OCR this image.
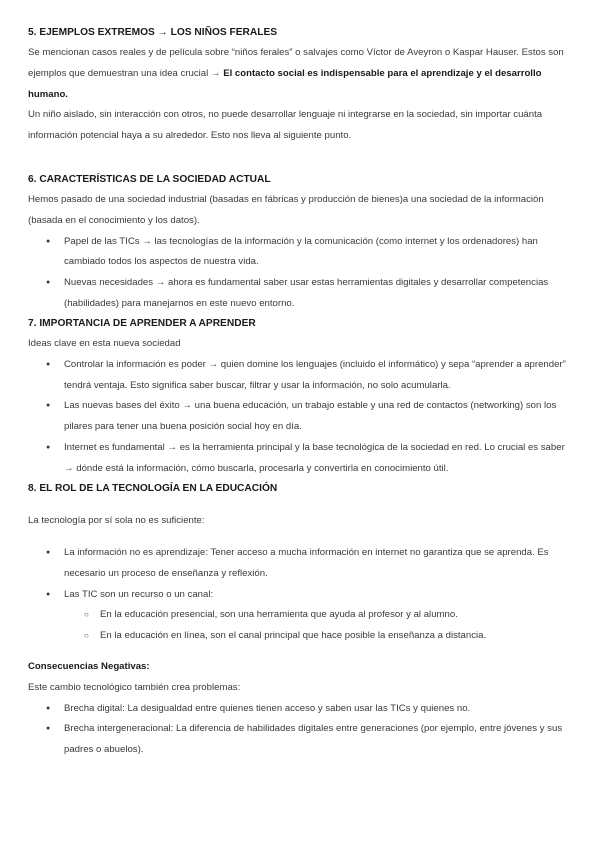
5. EJEMPLOS EXTREMOS → LOS NIÑOS FERALES

Se mencionan casos reales y de película sobre “niños ferales” o salvajes como Víctor de Aveyron o Kaspar Hauser. Estos son ejemplos que demuestran una idea crucial → El contacto social es indispensable para el aprendizaje y el desarrollo humano.

Un niño aislado, sin interacción con otros, no puede desarrollar lenguaje ni integrarse en la sociedad, sin importar cuánta información potencial haya a su alrededor. Esto nos lleva al siguiente punto.

6. CARACTERÍSTICAS DE LA SOCIEDAD ACTUAL

Hemos pasado de una sociedad industrial (basadas en fábricas y producción de bienes)a una sociedad de la información (basada en el conocimiento y los datos).

● Papel de las TICs → las tecnologías de la información y la comunicación (como internet y los ordenadores) han cambiado todos los aspectos de nuestra vida.
● Nuevas necesidades → ahora es fundamental saber usar estas herramientas digitales y desarrollar competencias (habilidades) para manejarnos en este nuevo entorno.
7. IMPORTANCIA DE APRENDER A APRENDER

Ideas clave en esta nueva sociedad

● Controlar la información es poder → quien domine los lenguajes (incluido el informático) y sepa “aprender a aprender” tendrá ventaja. Esto significa saber buscar, filtrar y usar la información, no solo acumularla.
● Las nuevas bases del éxito → una buena educación, un trabajo estable y una red de contactos (networking) son los pilares para tener una buena posición social hoy en día.
● Internet es fundamental → es la herramienta principal y la base tecnológica de la sociedad en red. Lo crucial es saber → dónde está la información, cómo buscarla, procesarla y convertirla en conocimiento útil.
8. EL ROL DE LA TECNOLOGÍA EN LA EDUCACIÓN

La tecnología por sí sola no es suficiente:

● La información no es aprendizaje: Tener acceso a mucha información en internet no garantiza que se aprenda. Es necesario un proceso de enseñanza y reflexión.
● Las TIC son un recurso o un canal:
○ En la educación presencial, son una herramienta que ayuda al profesor y al alumno.
○ En la educación en línea, son el canal principal que hace posible la enseñanza a distancia.
Consecuencias Negativas:

Este cambio tecnológico también crea problemas:

● Brecha digital: La desigualdad entre quienes tienen acceso y saben usar las TICs y quienes no.
● Brecha intergeneracional: La diferencia de habilidades digitales entre generaciones (por ejemplo, entre jóvenes y sus padres o abuelos).
